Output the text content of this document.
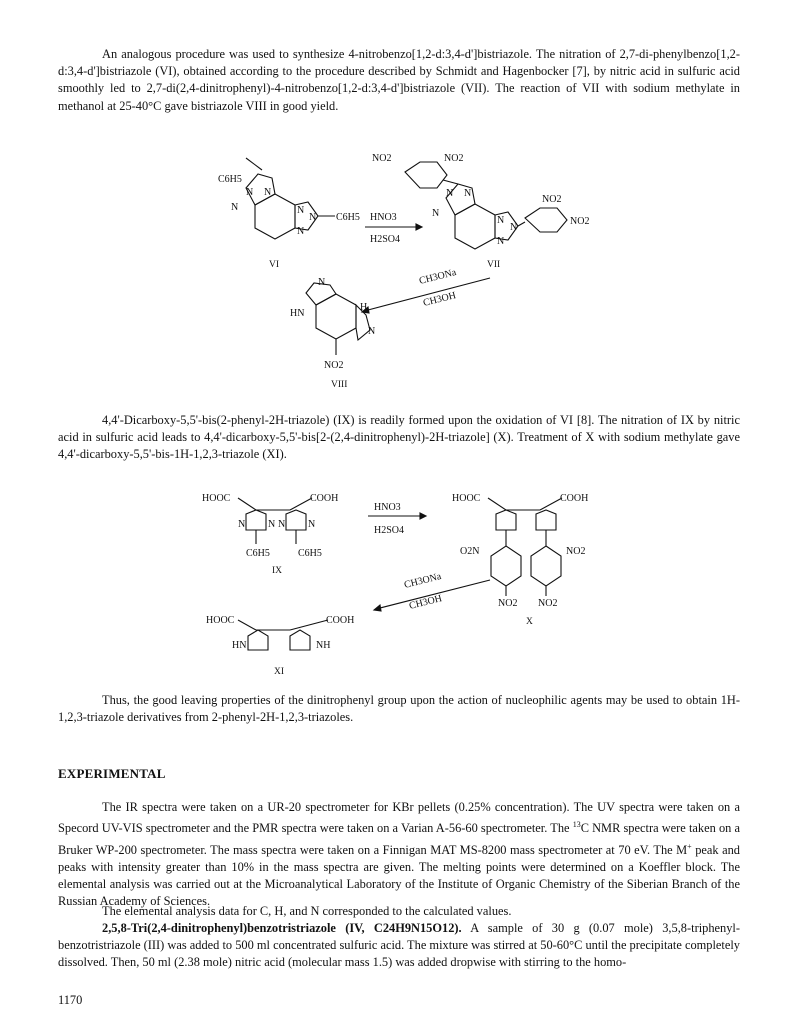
An analogous procedure was used to synthesize 4-nitrobenzo[1,2-d:3,4-d']bistriazole. The nitration of 2,7-di-phenylbenzo[1,2-d:3,4-d']bistriazole (VI), obtained according to the procedure described by Schmidt and Hagenbocker [7], by nitric acid in sulfuric acid smoothly led to 2,7-di(2,4-dinitrophenyl)-4-nitrobenzo[1,2-d:3,4-d']bistriazole (VII). The reaction of VII with sodium methylate in methanol at 25-40°C gave bistriazole VIII in good yield.

C6H5
N N
N	N
N
N
C6H5 HNO3
H2SO4
NO2	NO2
NO2
NO2
N N
N
N
N
N
CH3ONa
CH3OH
N
HN
H
N
NO2
VI	VII
VIII

4,4'-Dicarboxy-5,5'-bis(2-phenyl-2H-triazole) (IX) is readily formed upon the oxidation of VI [8]. The nitration of IX by nitric acid in sulfuric acid leads to 4,4'-dicarboxy-5,5'-bis[2-(2,4-dinitrophenyl)-2H-triazole] (X). Treatment of X with sodium methylate gave 4,4'-dicarboxy-5,5'-bis-1H-1,2,3-triazole (XI).

HOOC	COOH
N N N N
C6H5	C6H5
HNO3
H2SO4
HOOC	COOH
O2N	NO2
NO2 NO2
CH3ONa
CH3OH
HOOC	COOH
HN	NH
IX
X
XI

Thus, the good leaving properties of the dinitrophenyl group upon the action of nucleophilic agents may be used to obtain 1H-1,2,3-triazole derivatives from 2-phenyl-2H-1,2,3-triazoles.

EXPERIMENTAL

The IR spectra were taken on a UR-20 spectrometer for KBr pellets (0.25% concentration). The UV spectra were taken on a Specord UV-VIS spectrometer and the PMR spectra were taken on a Varian A-56-60 spectrometer. The $^{13}$C NMR spectra were taken on a Bruker WP-200 spectrometer. The mass spectra were taken on a Finnigan MAT MS-8200 mass spectrometer at 70 eV. The M+ peak and peaks with intensity greater than 10% in the mass spectra are given. The melting points were determined on a Koeffler block. The elemental analysis was carried out at the Microanalytical Laboratory of the Institute of Organic Chemistry of the Siberian Branch of the Russian Academy of Sciences.

The elemental analysis data for C, H, and N corresponded to the calculated values.

2,5,8-Tri(2,4-dinitrophenyl)benzotristriazole (IV, C24H9N15O12). A sample of 30 g (0.07 mole) 3,5,8-triphenyl-benzotristriazole (III) was added to 500 ml concentrated sulfuric acid. The mixture was stirred at 50-60°C until the precipitate completely dissolved. Then, 50 ml (2.38 mole) nitric acid (molecular mass 1.5) was added dropwise with stirring to the homo-

1170
